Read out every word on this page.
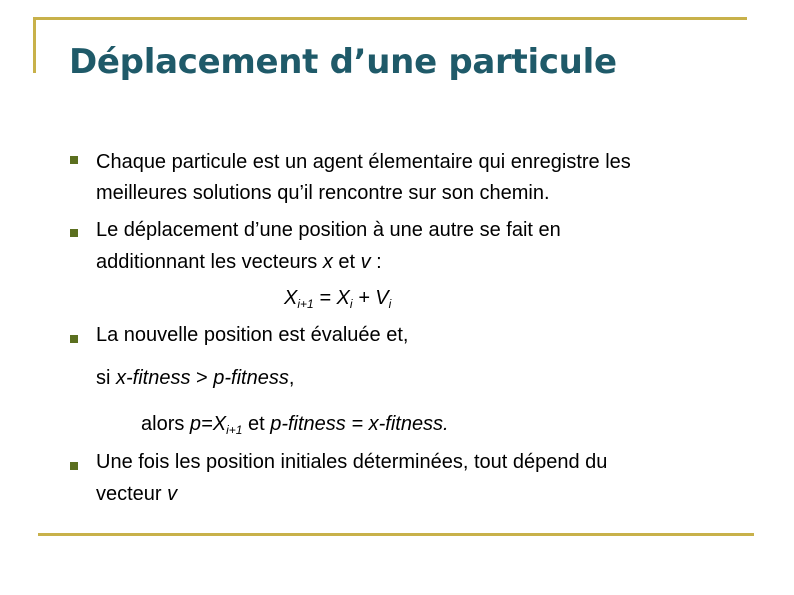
Déplacement d’une particule
Chaque particule est un agent élementaire qui enregistre les
meilleures solutions qu’il rencontre sur son chemin.
Le déplacement d’une position à une autre se fait en
additionnant les vecteurs x et v :
$X_{i+1} = X_i + V_i$
La nouvelle position est évaluée et,
si x-fitness > p-fitness,
alors $p=X_{i+1}$ et p-fitness = x-fitness.
Une fois les position initiales déterminées, tout dépend du
vecteur v
